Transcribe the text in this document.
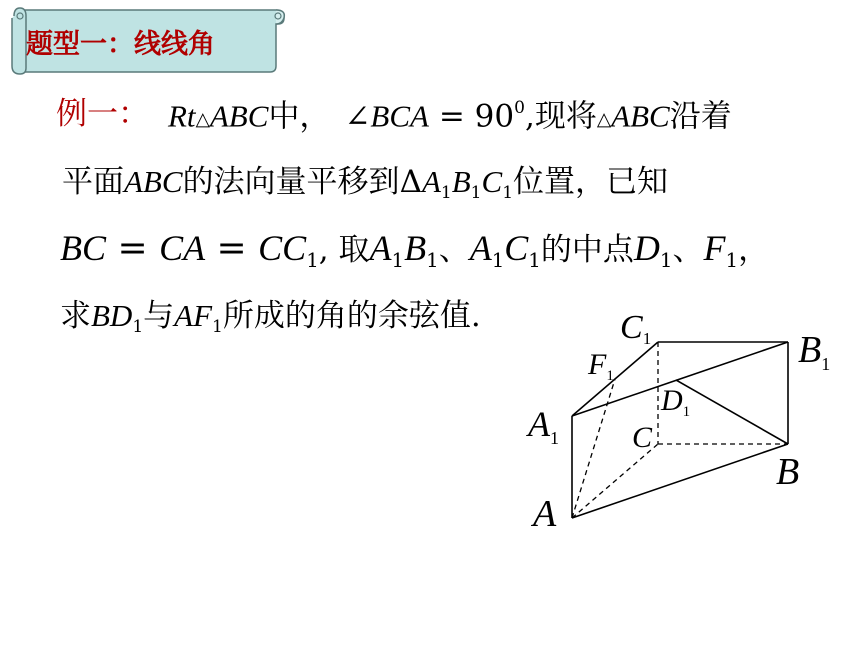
题型一：线线角
例一： Rt△ABC中， ∠BCA = $90^0$,现将△ABC沿着
平面ABC的法向量平移到$\Delta A_1B_1C_1$位置，已知
BC = CA = $CC_1$, 取$A_1B_1$、$A_1C_1$的中点$D_1$、$F_1$，
求$BD_1$与$AF_1$所成的角的余弦值.	C1	$B_1$
$F_1$
$A_1$
$D_1$
C
B
A
